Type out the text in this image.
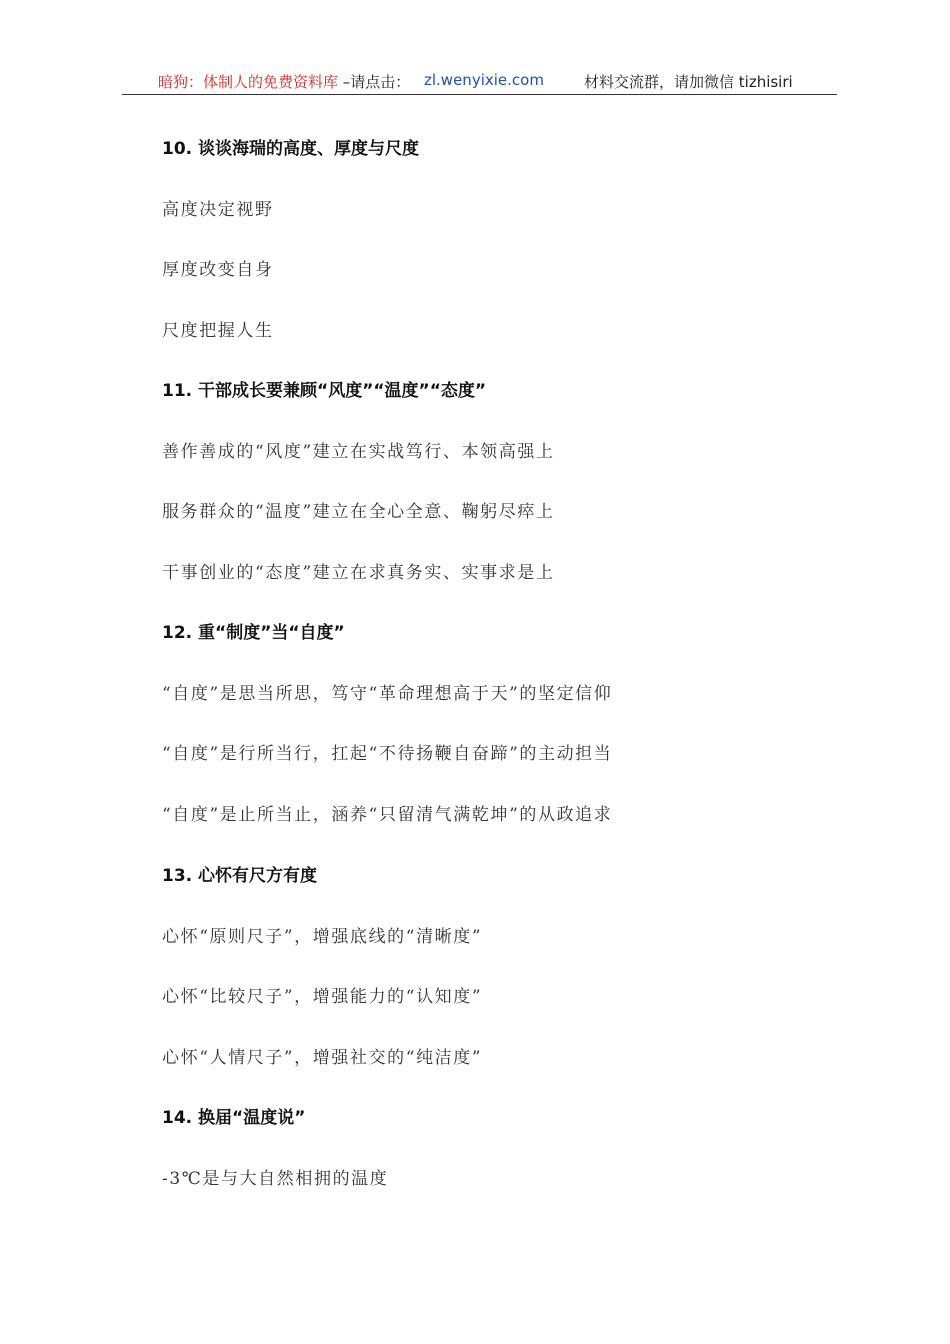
暗狗：体制人的免费资料库 –请点击： zl.wenyixie.com	材料交流群，请加微信 tizhisiri
10. 谈谈海瑞的高度、厚度与尺度
高度决定视野
厚度改变自身
尺度把握人生
11. 干部成长要兼顾“风度”“温度”“态度”
善作善成的“风度”建立在实战笃行、本领高强上
服务群众的“温度”建立在全心全意、鞠躬尽瘁上
干事创业的“态度”建立在求真务实、实事求是上
12. 重“制度”当“自度”
“自度”是思当所思，笃守“革命理想高于天”的坚定信仰
“自度”是行所当行，扛起“不待扬鞭自奋蹄”的主动担当
“自度”是止所当止，涵养“只留清气满乾坤”的从政追求
13. 心怀有尺方有度
心怀“原则尺子”，增强底线的“清晰度”
心怀“比较尺子”，增强能力的“认知度”
心怀“人情尺子”，增强社交的“纯洁度”
14. 换届“温度说”
-3℃是与大自然相拥的温度
